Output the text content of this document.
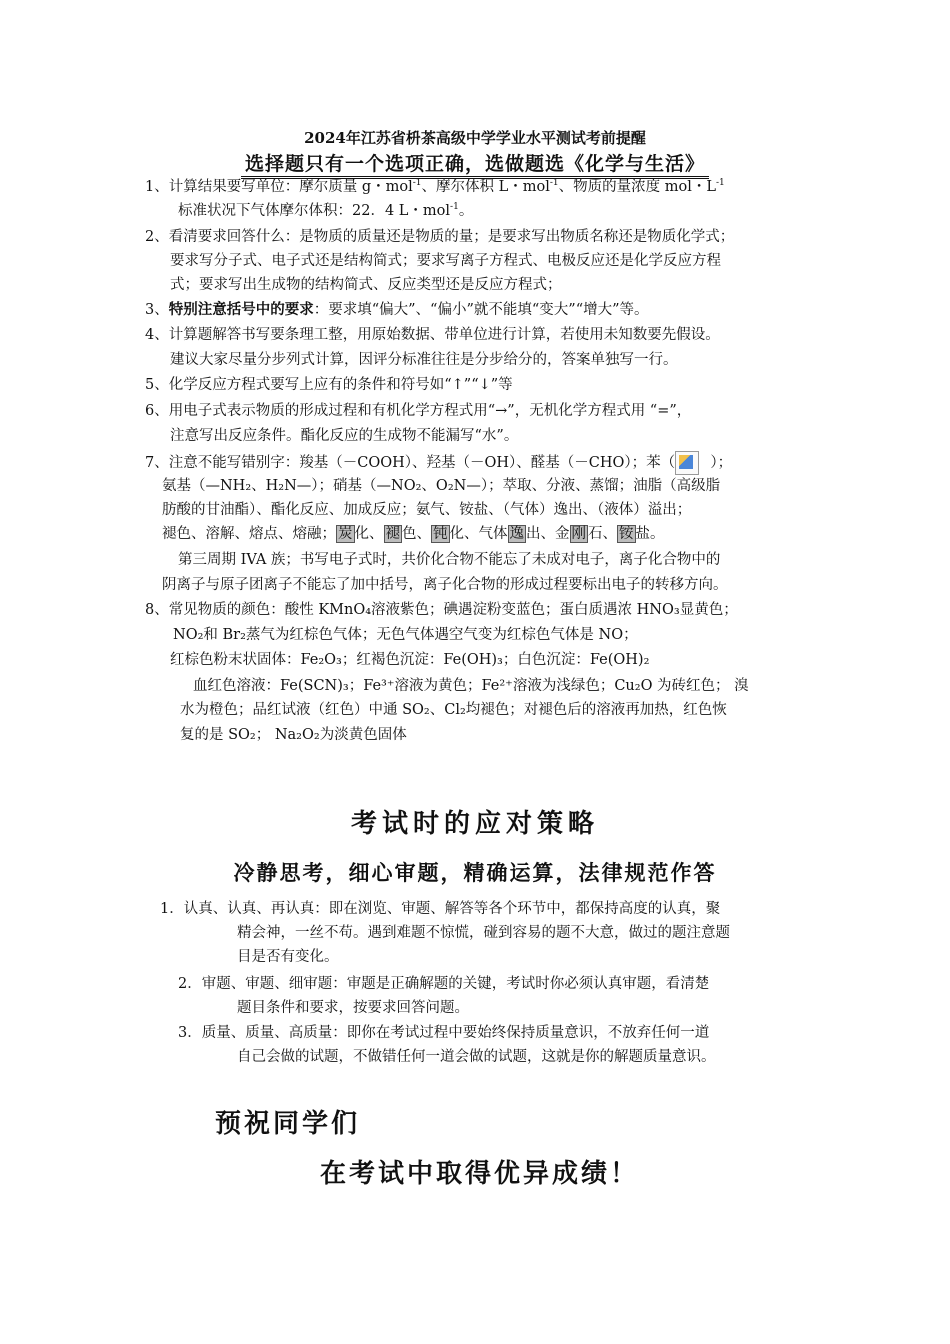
2024年江苏省枡茶高级中学学业水平测试考前提醒
选择题只有一个选项正确，选做题选《化学与生活》
1、计算结果要写单位：摩尔质量 g・mol$^{-1}$、摩尔体积 L・mol$^{-1}$、物质的量浓度 mol・$L^{-1}$
标准状况下气体摩尔体积：22．4 L・mol$^{-1}$。
2、看清要求回答什么：是物质的质量还是物质的量；是要求写出物质名称还是物质化学式；
要求写分子式、电子式还是结构简式；要求写离子方程式、电极反应还是化学反应方程
式；要求写出生成物的结构简式、反应类型还是反应方程式；
3、特别注意括号中的要求：要求填“偏大”、“偏小”就不能填“变大”“增大”等。
4、计算题解答书写要条理工整，用原始数据、带单位进行计算，若使用未知数要先假设。
建议大家尽量分步列式计算，因评分标准往往是分步给分的，答案单独写一行。
5、化学反应方程式要写上应有的条件和符号如“↑”“↓”等
6、用电子式表示物质的形成过程和有机化学方程式用“→”，无机化学方程式用 “=”，
注意写出反应条件。酯化反应的生成物不能漏写“水”。
7、注意不能写错别字：羧基（－COOH）、羟基（－OH）、醛基（－CHO）；苯（ ）；
氨基（—NH₂、H₂N—）；硝基（—NO₂、O₂N—）；萃取、分液、蒸馏；油脂（高级脂
肪酸的甘油酯）、酯化反应、加成反应；氨气、铵盐、（气体）逸出、（液体）溢出；
褪色、溶解、熔点、熔融； 炭 化、 褪 色、 钝 化、气体 逸 出、金 刚 石、 铵 盐。
第三周期 IVA 族；书写电子式时，共价化合物不能忘了未成对电子，离子化合物中的
阴离子与原子团离子不能忘了加中括号，离子化合物的形成过程要标出电子的转移方向。
8、常见物质的颜色：酸性 KMnO₄溶液紫色；碘遇淀粉变蓝色；蛋白质遇浓 HNO₃显黄色；
NO₂和 Br₂蒸气为红棕色气体；无色气体遇空气变为红棕色气体是 NO；
红棕色粉末状固体：Fe₂O₃；红褐色沉淀：Fe(OH)₃；白色沉淀：Fe(OH)₂
血红色溶液：Fe(SCN)₃；Fe³⁺溶液为黄色；Fe²⁺溶液为浅绿色；Cu₂O 为砖红色； 溴
水为橙色；品红试液（红色）中通 SO₂、Cl₂均褪色；对褪色后的溶液再加热，红色恢
复的是 SO₂； Na₂O₂为淡黄色固体
考试时的应对策略
冷静思考，细心审题，精确运算，法律规范作答
1．认真、认真、再认真：即在浏览、审题、解答等各个环节中，都保持高度的认真，聚
精会神，一丝不苟。遇到难题不惊慌，碰到容易的题不大意，做过的题注意题
目是否有变化。
2．审题、审题、细审题：审题是正确解题的关键，考试时你必须认真审题，看清楚
题目条件和要求，按要求回答问题。
3．质量、质量、高质量：即你在考试过程中要始终保持质量意识，不放弃任何一道
自己会做的试题，不做错任何一道会做的试题，这就是你的解题质量意识。
预祝同学们
在考试中取得优异成绩！
